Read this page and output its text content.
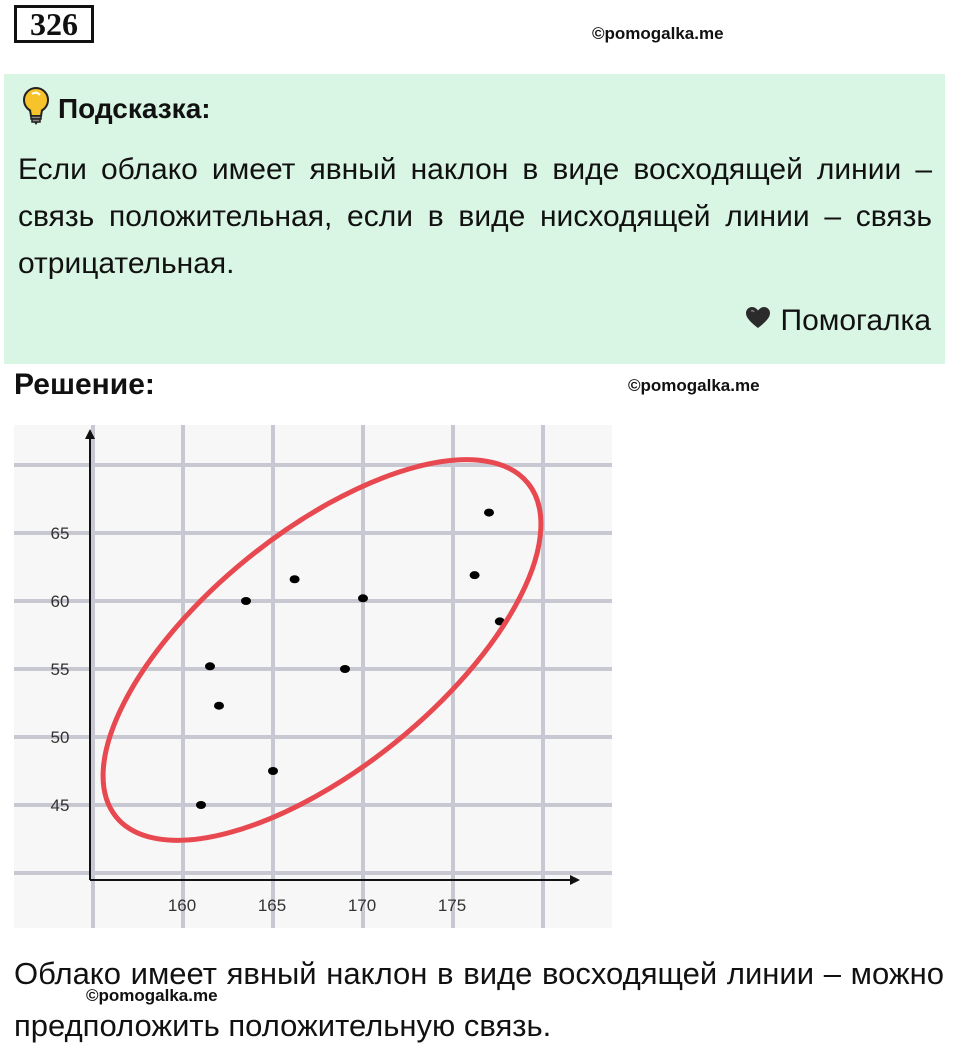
326	©pomogalka.me
Подсказка:
Если облако имеет явный наклон в виде восходящей линии – связь положительная, если в виде нисходящей линии – связь отрицательная.
Помогалка
Решение:	©pomogalka.me
160	165	170	175
45
50
55
60
65
Облако имеет явный наклон в виде восходящей линии – можно предположить положительную связь.
©pomogalka.me
